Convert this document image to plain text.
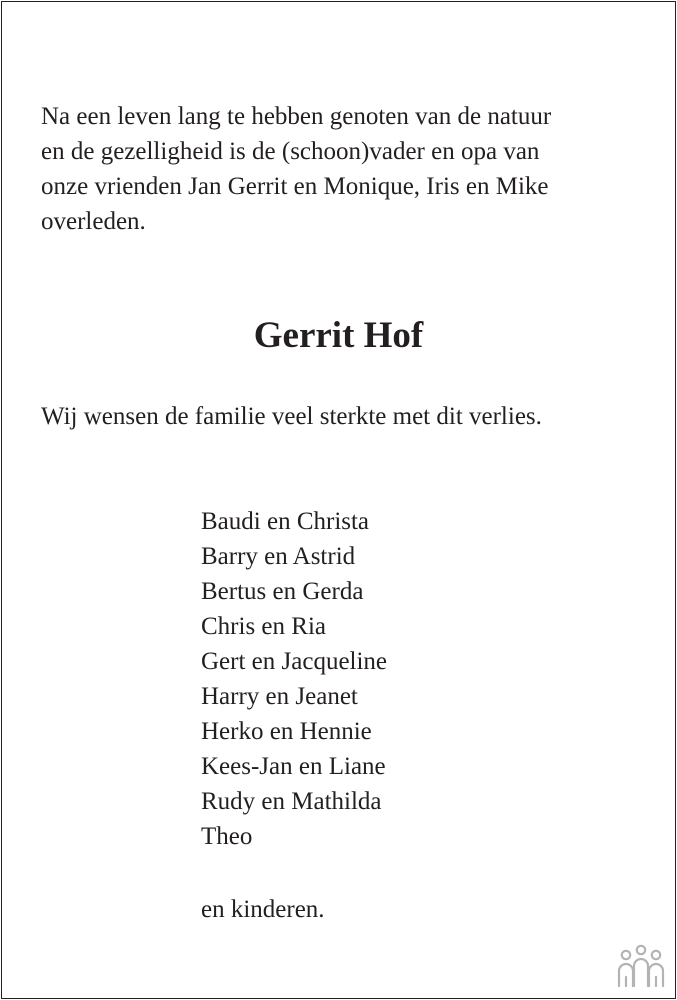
Na een leven lang te hebben genoten van de natuur
en de gezelligheid is de (schoon)vader en opa van
onze vrienden Jan Gerrit en Monique, Iris en Mike
overleden.

Gerrit Hof

Wij wensen de familie veel sterkte met dit verlies.

Baudi en Christa
Barry en Astrid
Bertus en Gerda
Chris en Ria
Gert en Jacqueline
Harry en Jeanet
Herko en Hennie
Kees-Jan en Liane
Rudy en Mathilda
Theo

en kinderen.
